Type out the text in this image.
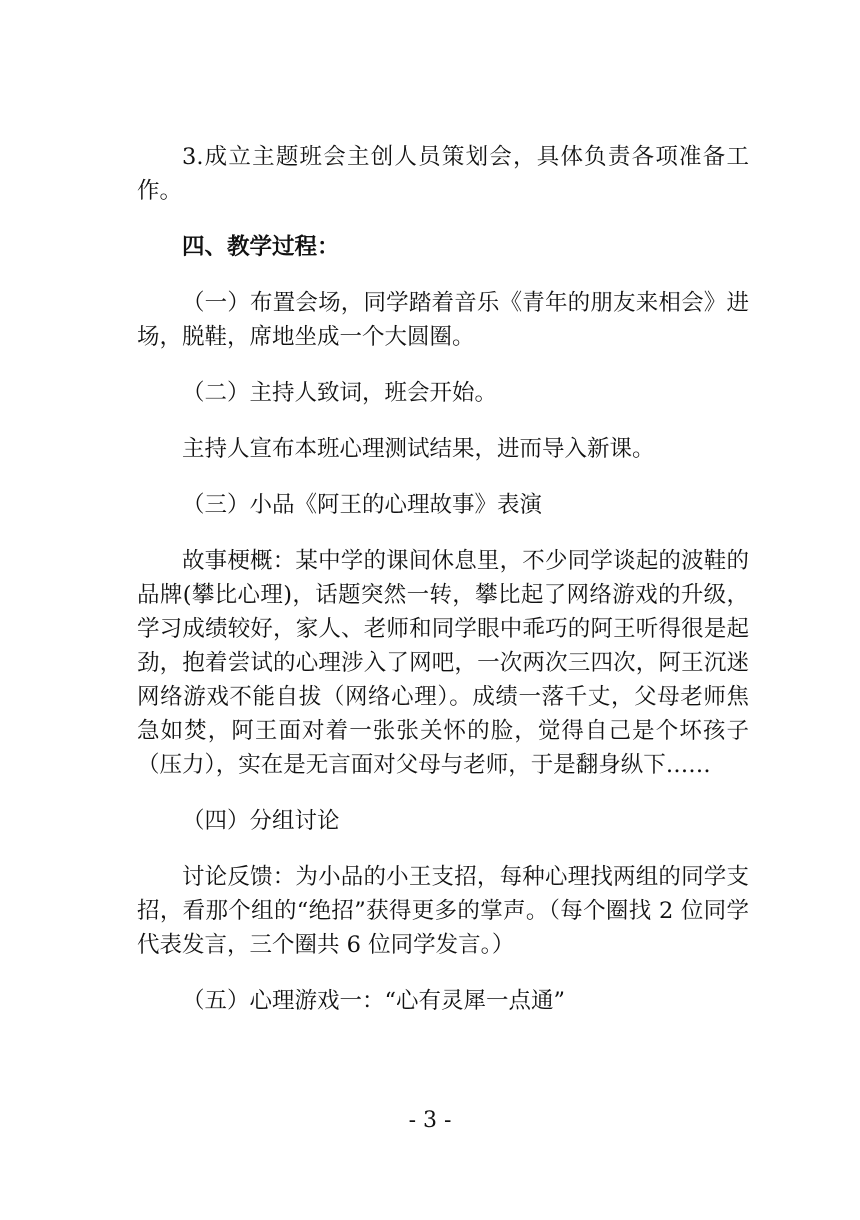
3.成立主题班会主创人员策划会，具体负责各项准备工作。

四、教学过程：

（一）布置会场，同学踏着音乐《青年的朋友来相会》进场，脱鞋，席地坐成一个大圆圈。

（二）主持人致词，班会开始。

主持人宣布本班心理测试结果，进而导入新课。

（三）小品《阿王的心理故事》表演

故事梗概：某中学的课间休息里，不少同学谈起的波鞋的品牌(攀比心理)，话题突然一转，攀比起了网络游戏的升级，学习成绩较好，家人、老师和同学眼中乖巧的阿王听得很是起劲，抱着尝试的心理涉入了网吧，一次两次三四次，阿王沉迷网络游戏不能自拔（网络心理）。成绩一落千丈，父母老师焦急如焚，阿王面对着一张张关怀的脸，觉得自己是个坏孩子（压力），实在是无言面对父母与老师，于是翻身纵下……

（四）分组讨论

讨论反馈：为小品的小王支招，每种心理找两组的同学支招，看那个组的“绝招”获得更多的掌声。（每个圈找 2 位同学代表发言，三个圈共 6 位同学发言。）

（五）心理游戏一：“心有灵犀一点通”

- 3 -
